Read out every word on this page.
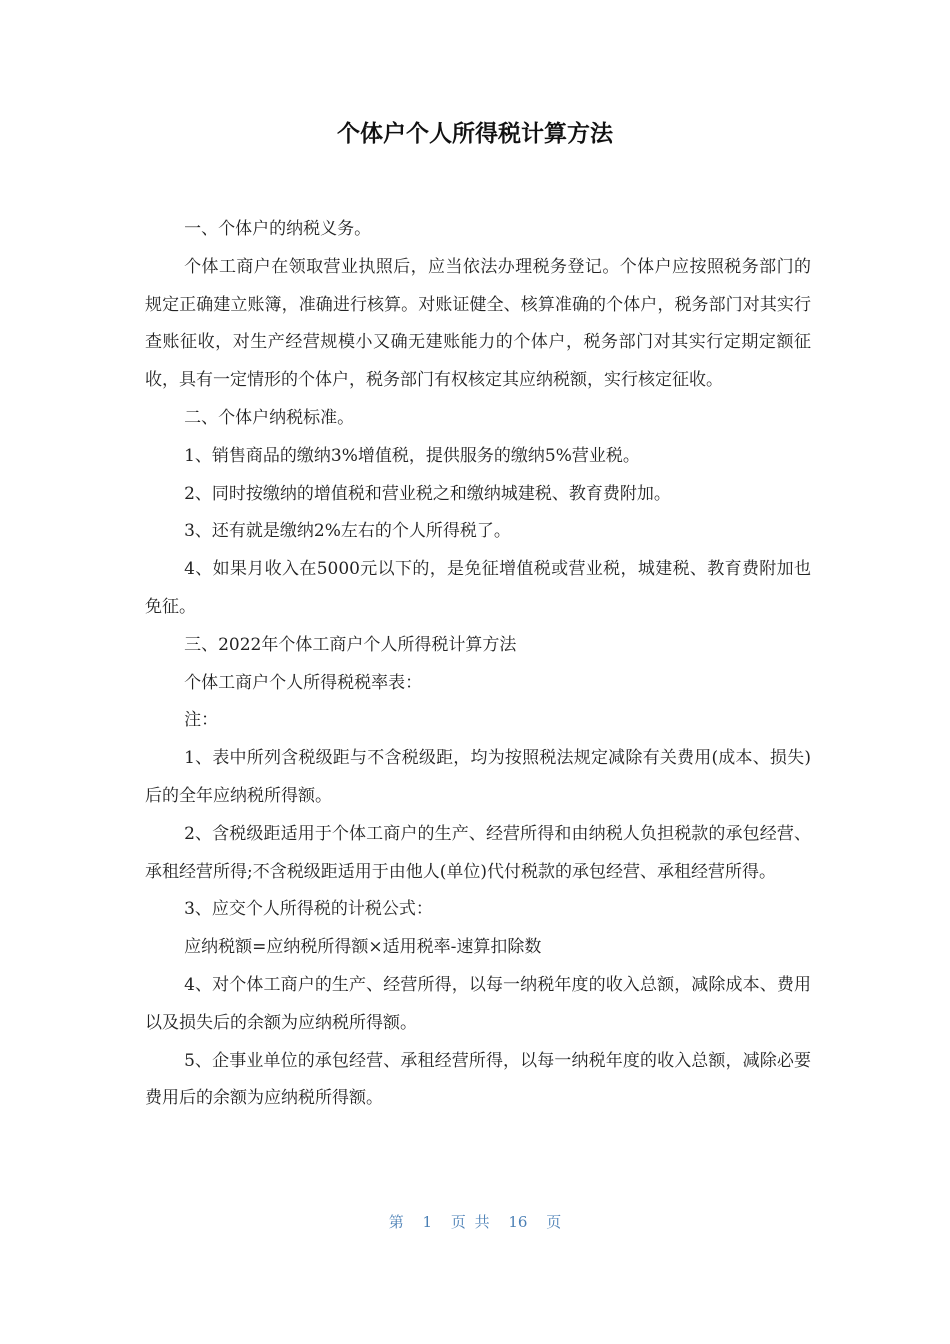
个体户个人所得税计算方法

一、个体户的纳税义务。

个体工商户在领取营业执照后，应当依法办理税务登记。个体户应按照税务部门的规定正确建立账簿，准确进行核算。对账证健全、核算准确的个体户，税务部门对其实行查账征收，对生产经营规模小又确无建账能力的个体户，税务部门对其实行定期定额征收，具有一定情形的个体户，税务部门有权核定其应纳税额，实行核定征收。

二、个体户纳税标准。

1、销售商品的缴纳3%增值税，提供服务的缴纳5%营业税。

2、同时按缴纳的增值税和营业税之和缴纳城建税、教育费附加。

3、还有就是缴纳2%左右的个人所得税了。

4、如果月收入在5000元以下的，是免征增值税或营业税，城建税、教育费附加也免征。

三、2022年个体工商户个人所得税计算方法

个体工商户个人所得税税率表：

注：

1、表中所列含税级距与不含税级距，均为按照税法规定减除有关费用(成本、损失)后的全年应纳税所得额。

2、含税级距适用于个体工商户的生产、经营所得和由纳税人负担税款的承包经营、承租经营所得;不含税级距适用于由他人(单位)代付税款的承包经营、承租经营所得。

3、应交个人所得税的计税公式：

应纳税额=应纳税所得额×适用税率-速算扣除数

4、对个体工商户的生产、经营所得，以每一纳税年度的收入总额，减除成本、费用以及损失后的余额为应纳税所得额。

5、企事业单位的承包经营、承租经营所得，以每一纳税年度的收入总额，减除必要费用后的余额为应纳税所得额。

第 1 页 共 16 页
